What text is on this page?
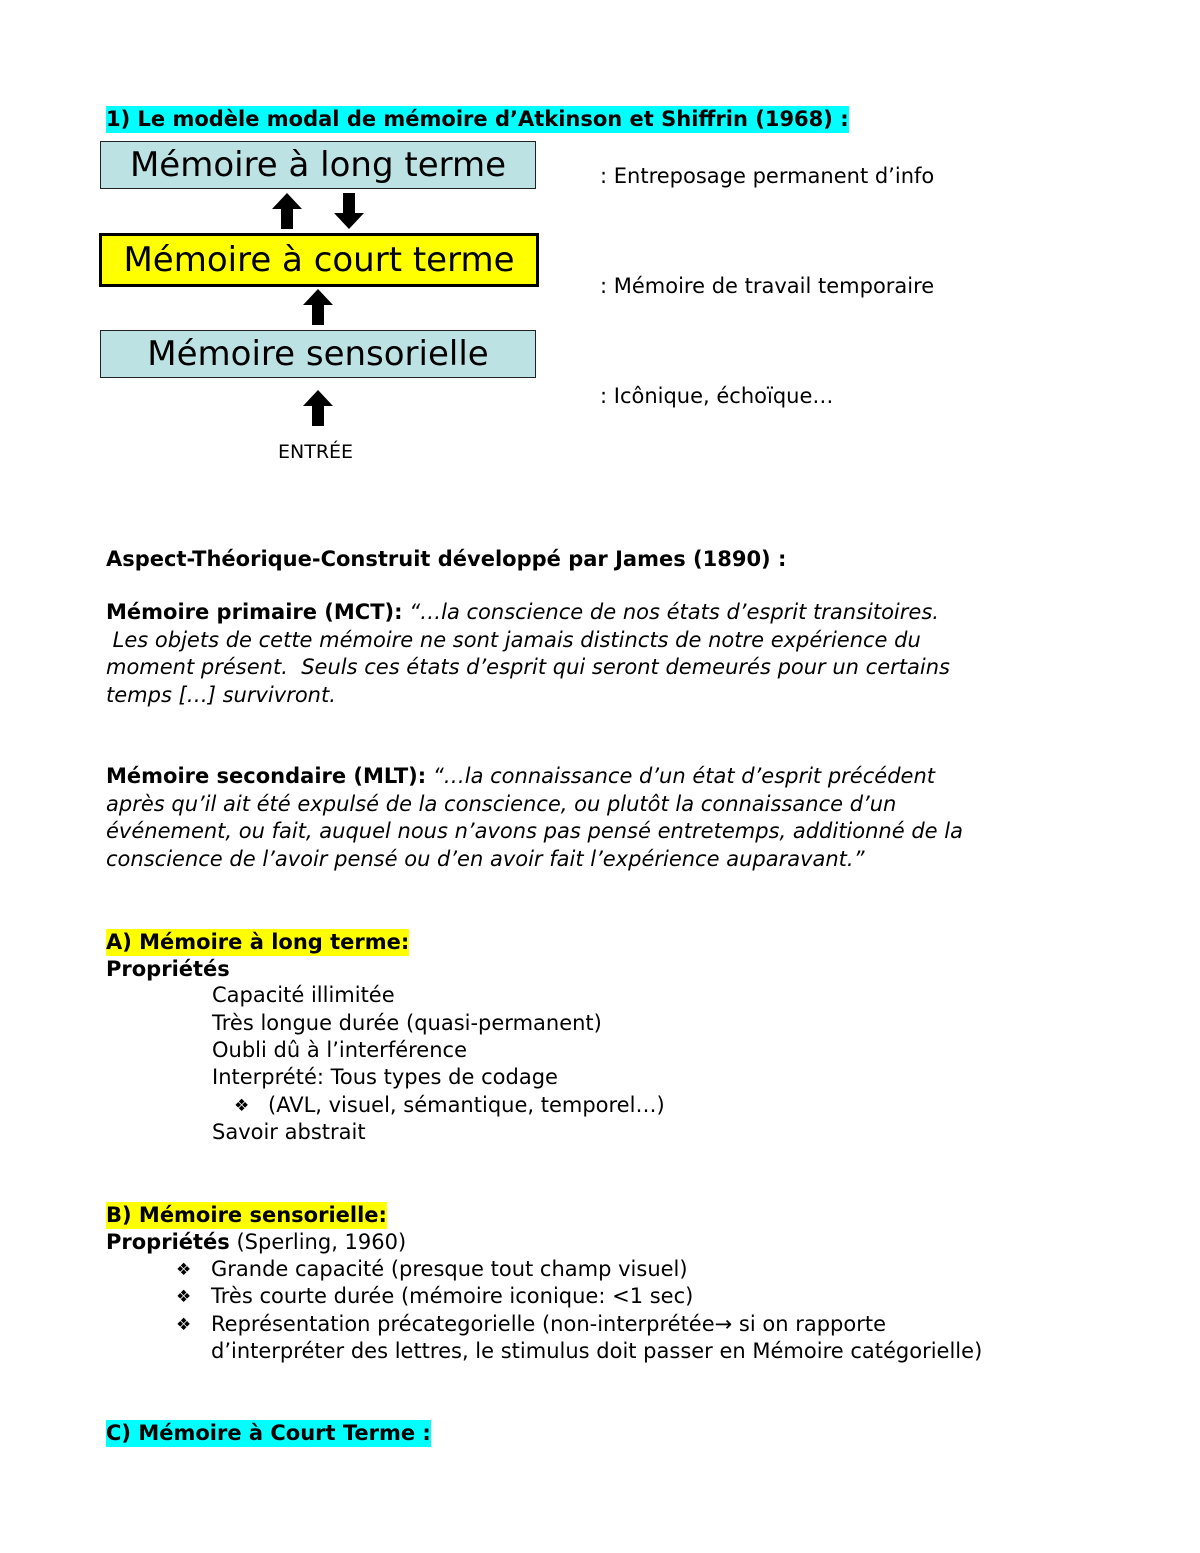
1) Le modèle modal de mémoire d’Atkinson et Shiffrin (1968) :
Mémoire à long terme
Mémoire à court terme
Mémoire sensorielle
ENTRÉE
: Entreposage permanent d’info
: Mémoire de travail temporaire
: Icônique, échoïque…
Aspect-Théorique-Construit développé par James (1890) :
Mémoire primaire (MCT): “…la conscience de nos états d’esprit transitoires.
Les objets de cette mémoire ne sont jamais distincts de notre expérience du
moment présent.  Seuls ces états d’esprit qui seront demeurés pour un certains
temps […] survivront.
Mémoire secondaire (MLT): “…la connaissance d’un état d’esprit précédent
après qu’il ait été expulsé de la conscience, ou plutôt la connaissance d’un
événement, ou fait, auquel nous n’avons pas pensé entretemps, additionné de la
conscience de l’avoir pensé ou d’en avoir fait l’expérience auparavant.”
A) Mémoire à long terme:
Propriétés
Capacité illimitée
Très longue durée (quasi-permanent)
Oubli dû à l’interférence
Interprété: Tous types de codage
(AVL, visuel, sémantique, temporel…)
Savoir abstrait
❖
B) Mémoire sensorielle:
Propriétés (Sperling, 1960)
❖
❖
❖
Grande capacité (presque tout champ visuel)
Très courte durée (mémoire iconique: <1 sec)
Représentation précategorielle (non-interprétée→ si on rapporte
d’interpréter des lettres, le stimulus doit passer en Mémoire catégorielle)
C) Mémoire à Court Terme :
